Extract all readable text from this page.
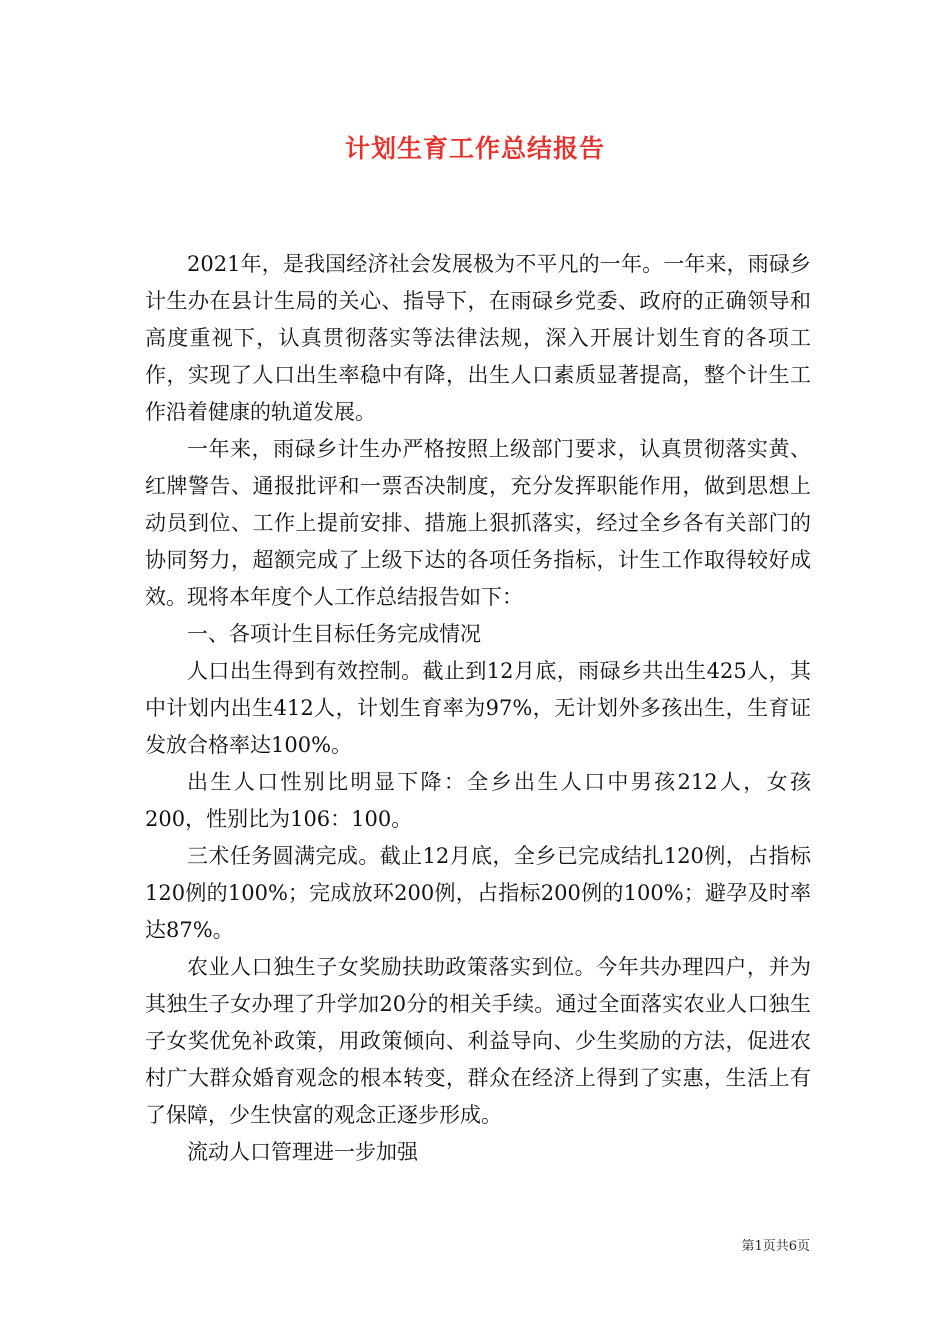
计划生育工作总结报告

2021年，是我国经济社会发展极为不平凡的一年。一年来，雨碌乡计生办在县计生局的关心、指导下，在雨碌乡党委、政府的正确领导和高度重视下，认真贯彻落实等法律法规，深入开展计划生育的各项工作，实现了人口出生率稳中有降，出生人口素质显著提高，整个计生工作沿着健康的轨道发展。

一年来，雨碌乡计生办严格按照上级部门要求，认真贯彻落实黄、红牌警告、通报批评和一票否决制度，充分发挥职能作用，做到思想上动员到位、工作上提前安排、措施上狠抓落实，经过全乡各有关部门的协同努力，超额完成了上级下达的各项任务指标，计生工作取得较好成效。现将本年度个人工作总结报告如下：

一、各项计生目标任务完成情况

人口出生得到有效控制。截止到12月底，雨碌乡共出生425人，其中计划内出生412人，计划生育率为97%，无计划外多孩出生，生育证发放合格率达100%。

出生人口性别比明显下降：全乡出生人口中男孩212人，女孩200，性别比为106：100。

三术任务圆满完成。截止12月底，全乡已完成结扎120例，占指标120例的100%；完成放环200例，占指标200例的100%；避孕及时率达87%。

农业人口独生子女奖励扶助政策落实到位。今年共办理四户，并为其独生子女办理了升学加20分的相关手续。通过全面落实农业人口独生子女奖优免补政策，用政策倾向、利益导向、少生奖励的方法，促进农村广大群众婚育观念的根本转变，群众在经济上得到了实惠，生活上有了保障，少生快富的观念正逐步形成。

流动人口管理进一步加强

第1页共6页
